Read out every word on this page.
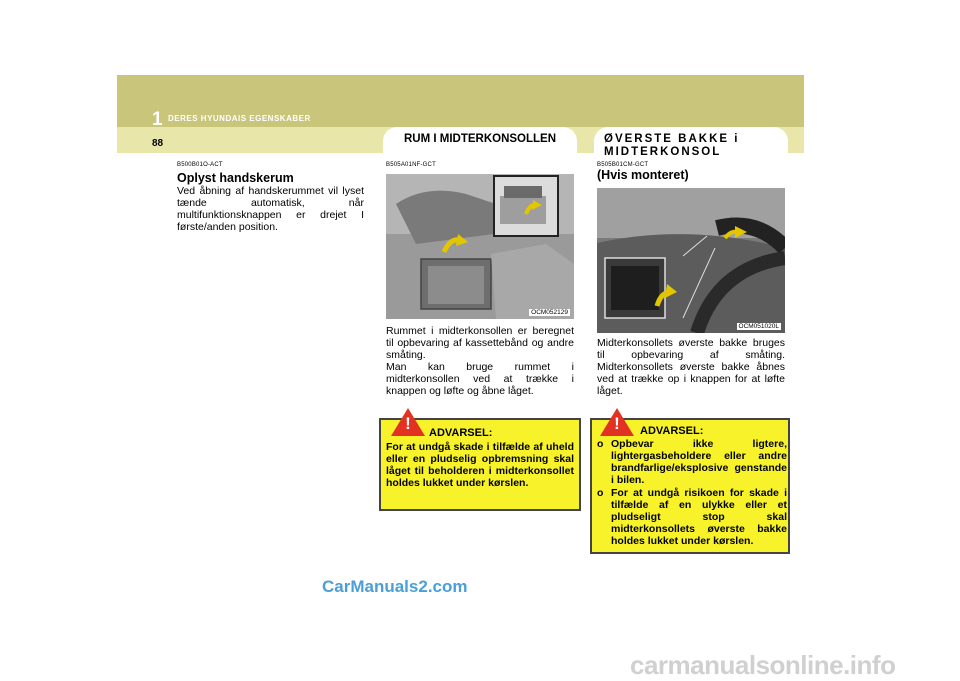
1 DERES HYUNDAIS EGENSKABER
88	RUM I MIDTERKONSOLLEN	ØVERSTE BAKKE i MIDTERKONSOL
B500B01O-ACT
Oplyst handskerum
Ved åbning af handskerummet vil lyset tænde automatisk, når multifunktionsknappen er drejet I første/anden position.
B505A01NF-GCT
OCM052129
Rummet i midterkonsollen er beregnet til opbevaring af kassettebånd og andre småting.
Man kan bruge rummet i midterkonsollen ved at trække i knappen og løfte og åbne låget.
!	ADVARSEL:
For at undgå skade i tilfælde af uheld eller en pludselig opbremsning skal låget til beholderen i midterkonsollet holdes lukket under kørslen.
B505B01CM-GCT
(Hvis monteret)
OCM051020L
Midterkonsollets øverste bakke bruges til opbevaring af småting. Midterkonsollets øverste bakke åbnes ved at trække op i knappen for at løfte låget.
!	ADVARSEL:
o Opbevar ikke ligtere, lightergasbeholdere eller andre brandfarlige/eksplosive genstande i bilen.
o For at undgå risikoen for skade i tilfælde af en ulykke eller et pludseligt stop skal midterkonsollets øverste bakke holdes lukket under kørslen.
CarManuals2.com
carmanualsonline.info
